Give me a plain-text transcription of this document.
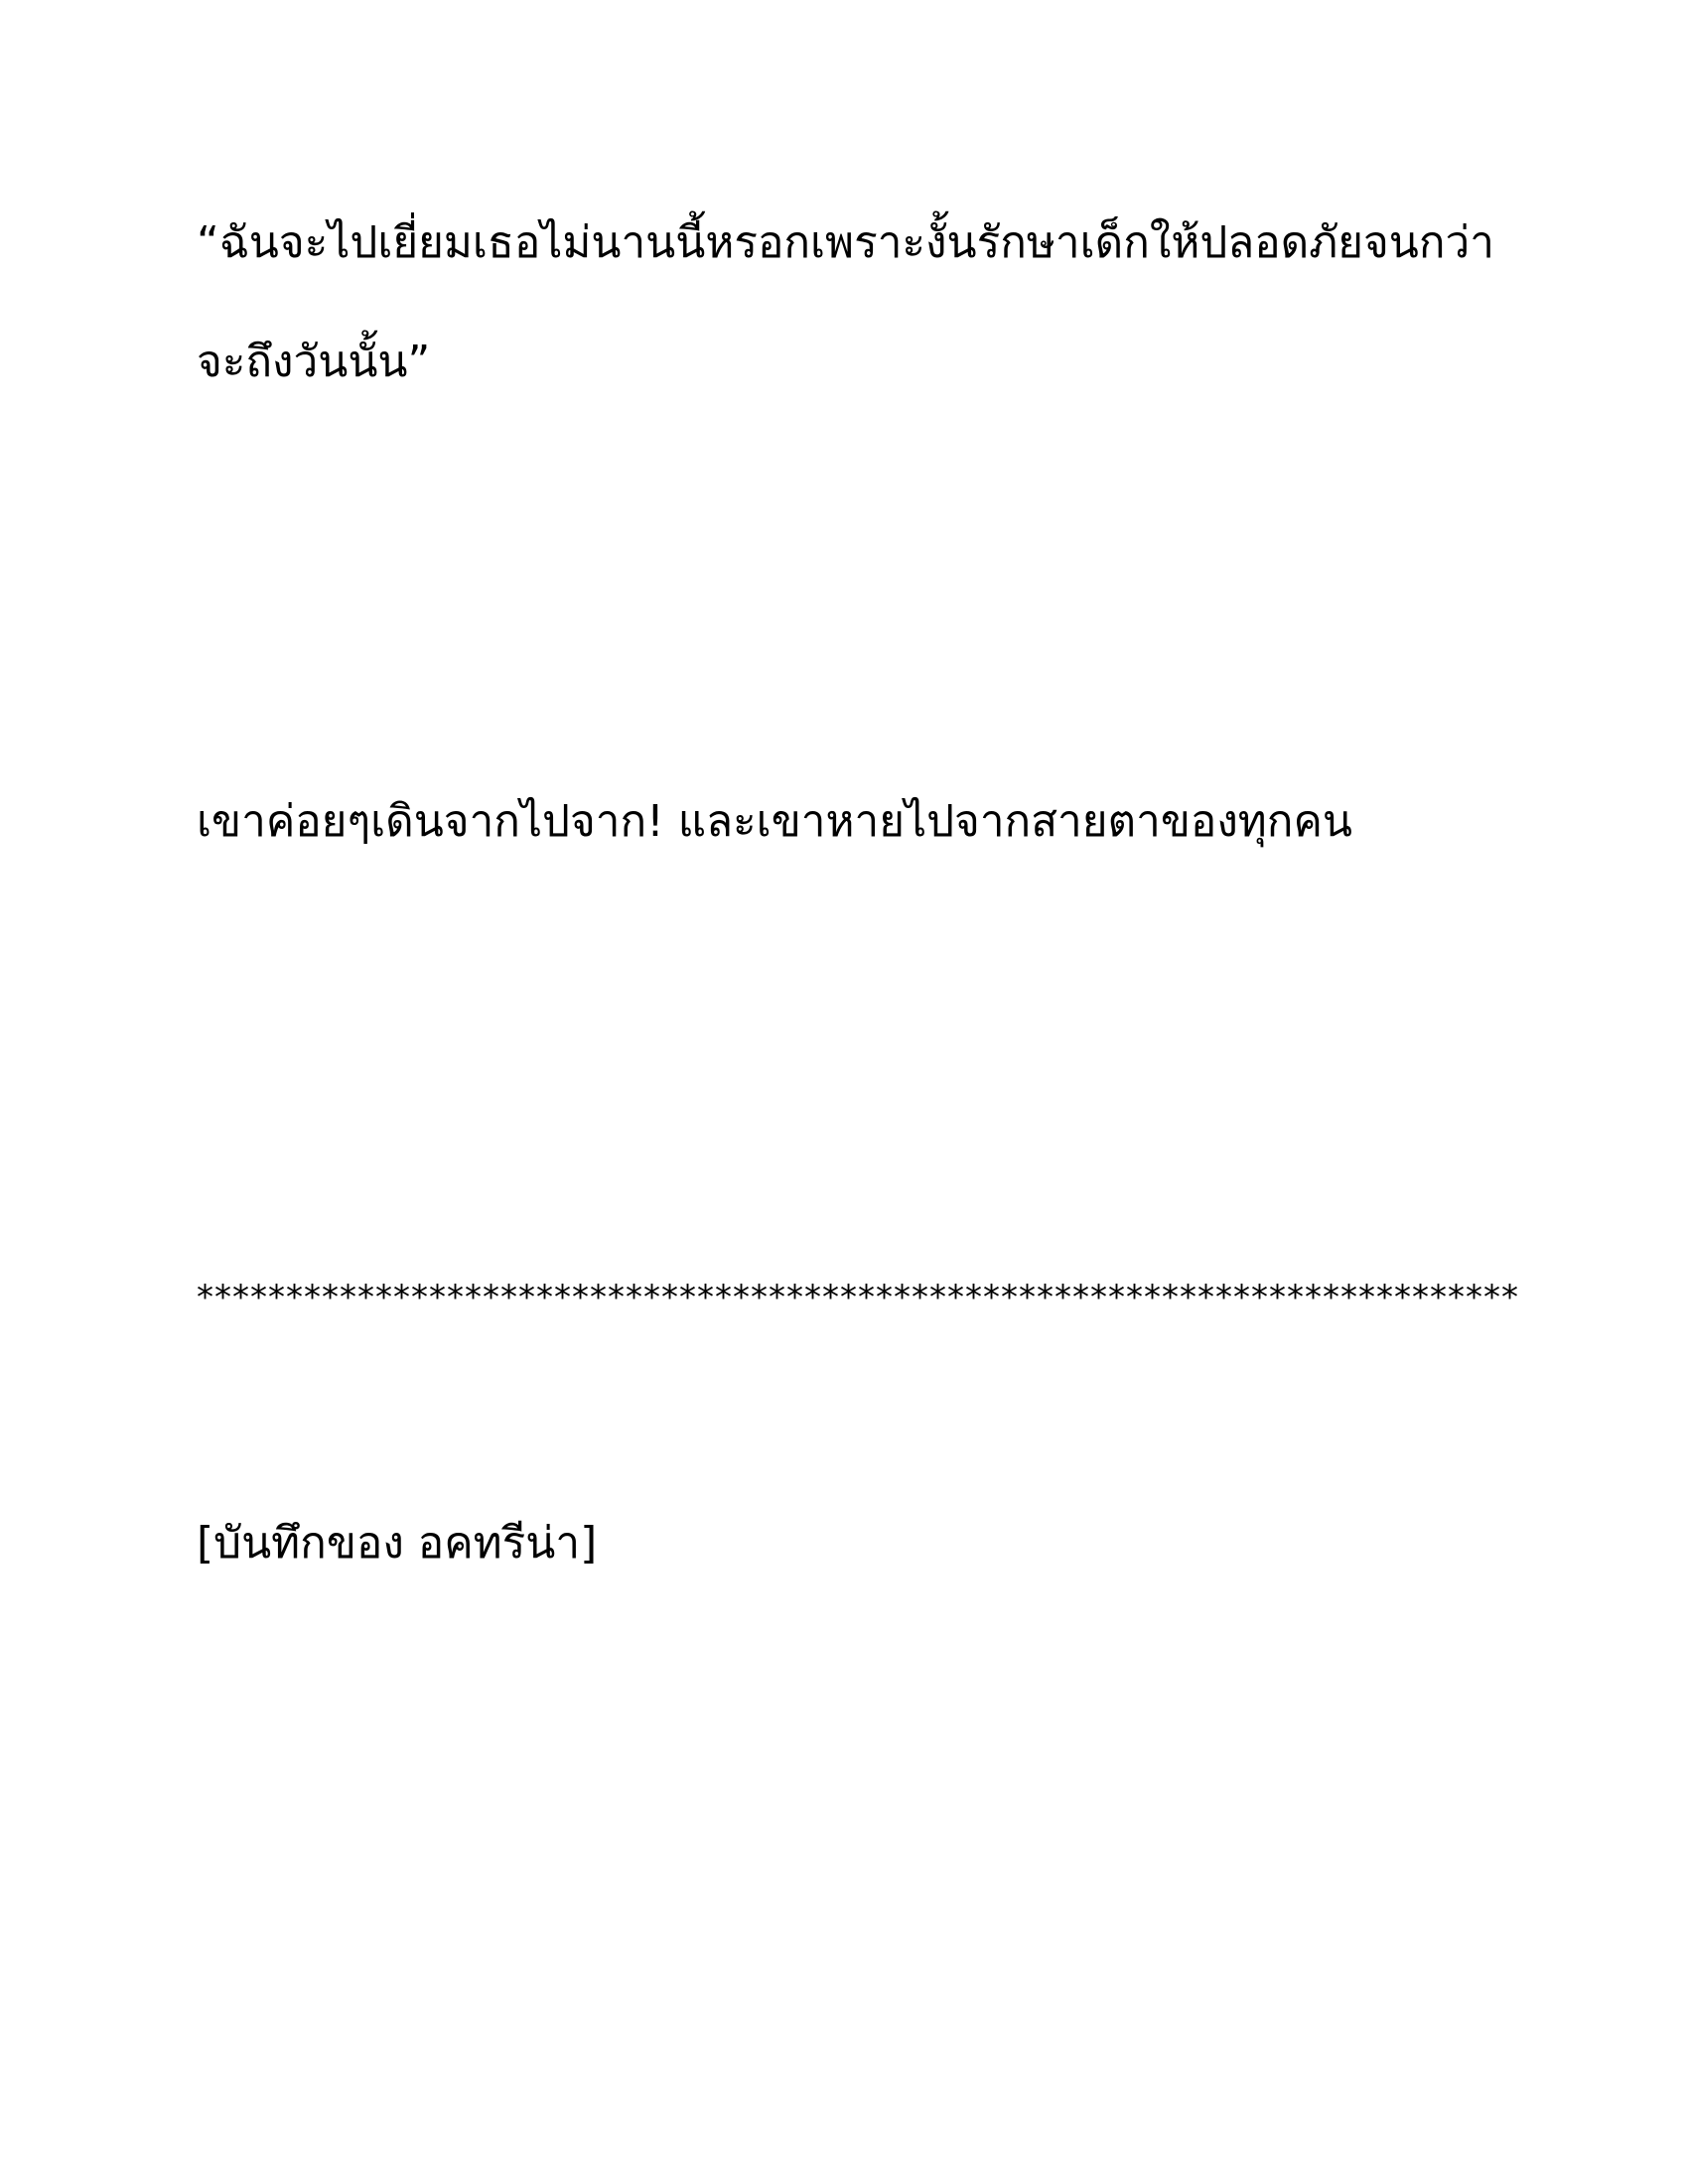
“ฉันจะไปเยี่ยมเธอไม่นานนี้หรอกเพราะงั้นรักษาเด็กให้ปลอดภัยจนกว่า
จะถึงวันนั้น”

เขาค่อยๆเดินจากไปจาก! และเขาหายไปจากสายตาของทุกคน

**************************************************************************

[บันทึกของ อคทรีน่า]
